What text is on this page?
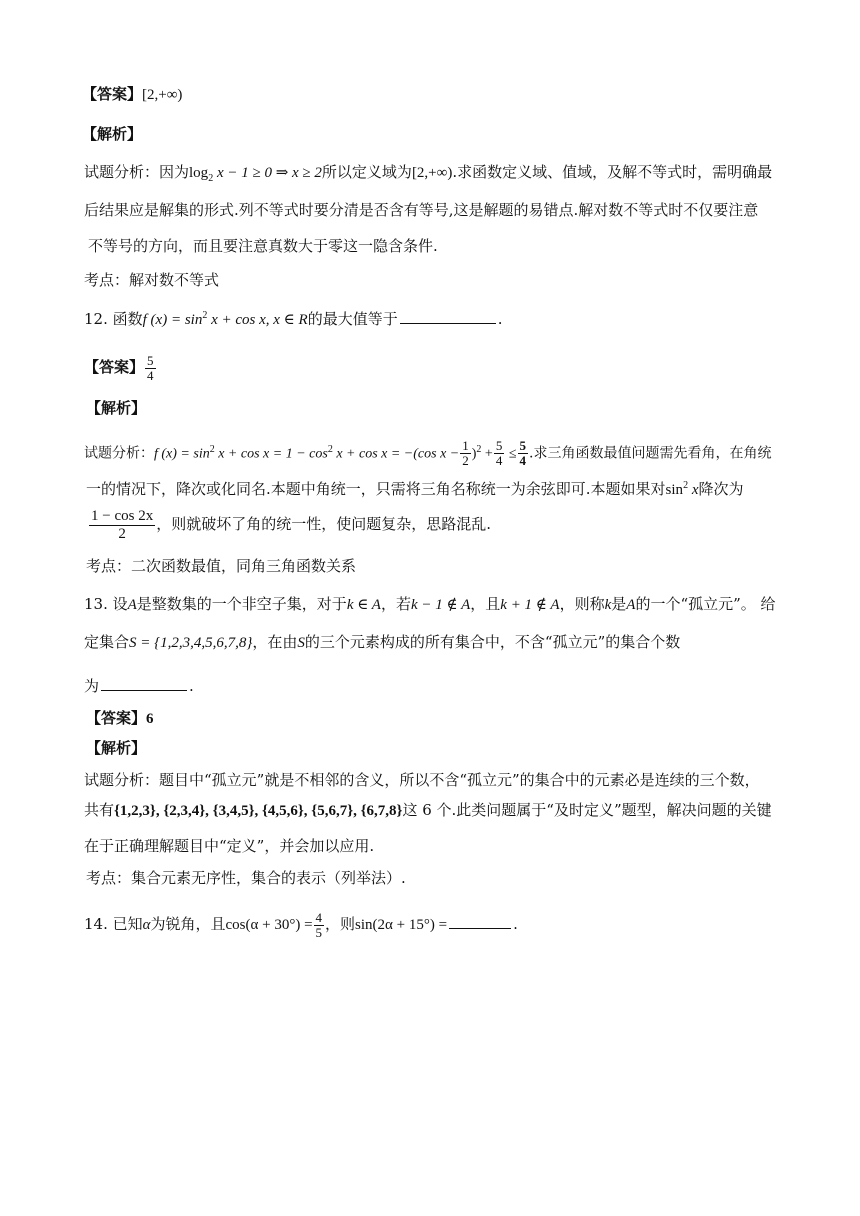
【答案】[2,+∞)
【解析】
试题分析：因为$\log_2 x - 1 \ge 0$ ⇒ x ≥ 2所以定义域为[2,+∞).求函数定义域、值域，及解不等式时，需明确最
后结果应是解集的形式.列不等式时要分清是否含有等号,这是解题的易错点.解对数不等式时不仅要注意
不等号的方向，而且要注意真数大于零这一隐含条件.
考点：解对数不等式
12. 函数f $(x) = \sin^2 x + \cos x$, x ∈ R的最大值等于	.
【答案】 $\frac{5}{4}$
【解析】
试题分析：f $(x) = \sin^2 x + \cos x = 1 - \cos^2 x + \cos x = -(\cos$ $x - \frac{1}{2} )^2 + \frac{5}{4} \le \frac{5}{4}$ .求三角函数最值问题需先看角，在角统
一的情况下，降次或化同名.本题中角统一，只需将三角名称统一为余弦即可.本题如果对$\sin^2 x$降次为
$\frac{1 - \cos 2x}{2}$ ，则就破坏了角的统一性，使问题复杂，思路混乱.
考点：二次函数最值，同角三角函数关系
13. 设A是整数集的一个非空子集，对于k ∈ A，若k − 1 ∉ A，且k + 1 ∉ A，则称k是A的一个“孤立元”。 给
定集合S = {1,2,3,4,5,6,7,8}，在由S的三个元素构成的所有集合中，不含“孤立元”的集合个数
为	.
【答案】6
【解析】
试题分析：题目中“孤立元”就是不相邻的含义，所以不含“孤立元”的集合中的元素必是连续的三个数，
共有{1,2,3}, {2,3,4}, {3,4,5}, {4,5,6}, {5,6,7}, {6,7,8}这 6 个.此类问题属于“及时定义”题型，解决问题的关键
在于正确理解题目中“定义”，并会加以应用.
考点：集合元素无序性，集合的表示（列举法）.
14. 已知α为锐角，且$\cos(\alpha + 30^\circ) = \frac{4}{5}$ ，则sin(2α + 15°) =	.
